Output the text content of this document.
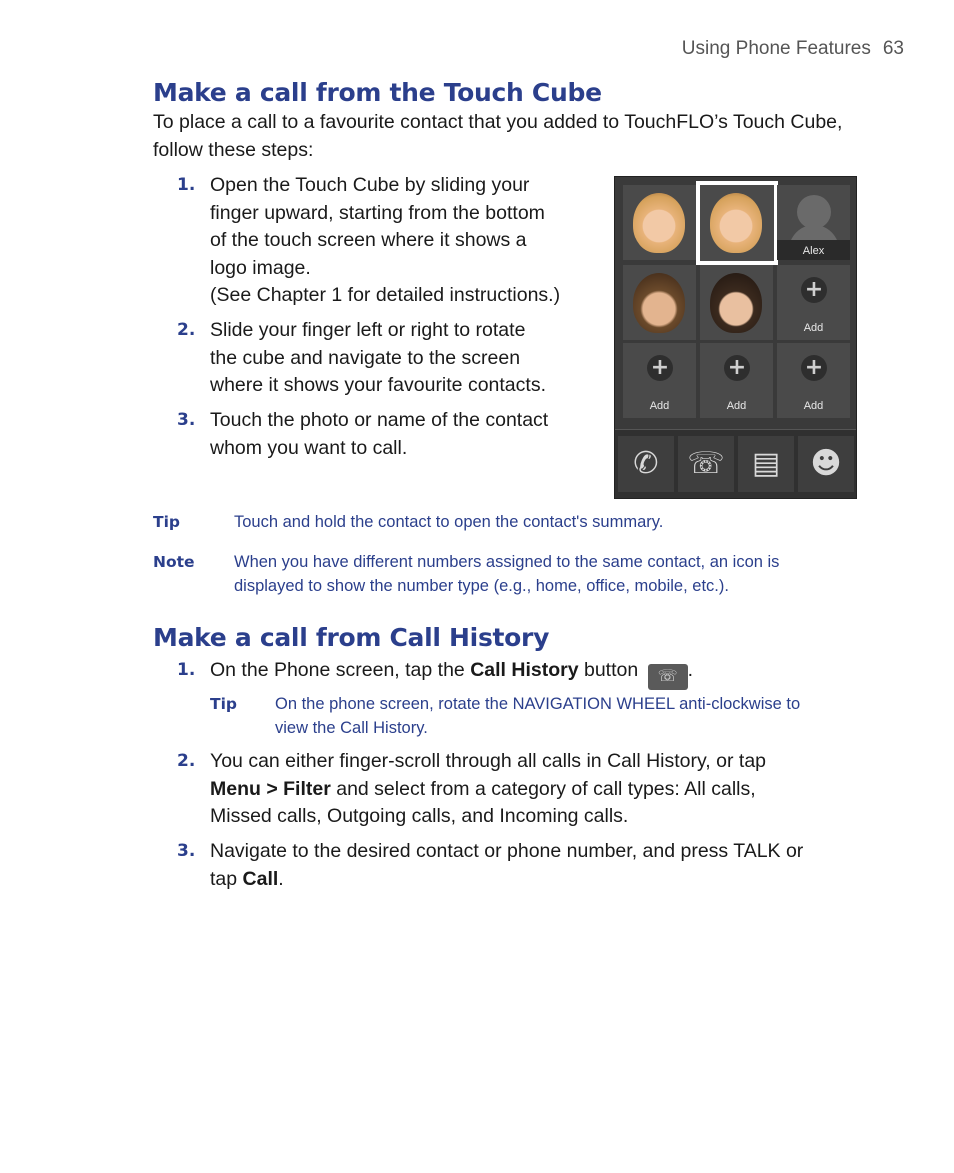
Using Phone Features 63
Make a call from the Touch Cube
To place a call to a favourite contact that you added to TouchFLO’s Touch Cube, follow these steps:
1. Open the Touch Cube by sliding your
finger upward, starting from the bottom
of the touch screen where it shows a
logo image.
(See Chapter 1 for detailed instructions.)
2. Slide your finger left or right to rotate
the cube and navigate to the screen
where it shows your favourite contacts.
3. Touch the photo or name of the contact
whom you want to call.
Alex
+
Add
+
Add
+
Add
+
Add
✆ ☏ ▤	☻
Tip	Touch and hold the contact to open the contact's summary.
Note When you have different numbers assigned to the same contact, an icon is
displayed to show the number type (e.g., home, office, mobile, etc.).
Make a call from Call History
1. On the Phone screen, tap the Call History button ☏ .
Tip On the phone screen, rotate the NAVIGATION WHEEL anti-clockwise to
view the Call History.
2. You can either finger-scroll through all calls in Call History, or tap
Menu > Filter and select from a category of call types: All calls,
Missed calls, Outgoing calls, and Incoming calls.
3. Navigate to the desired contact or phone number, and press TALK or
tap Call.
